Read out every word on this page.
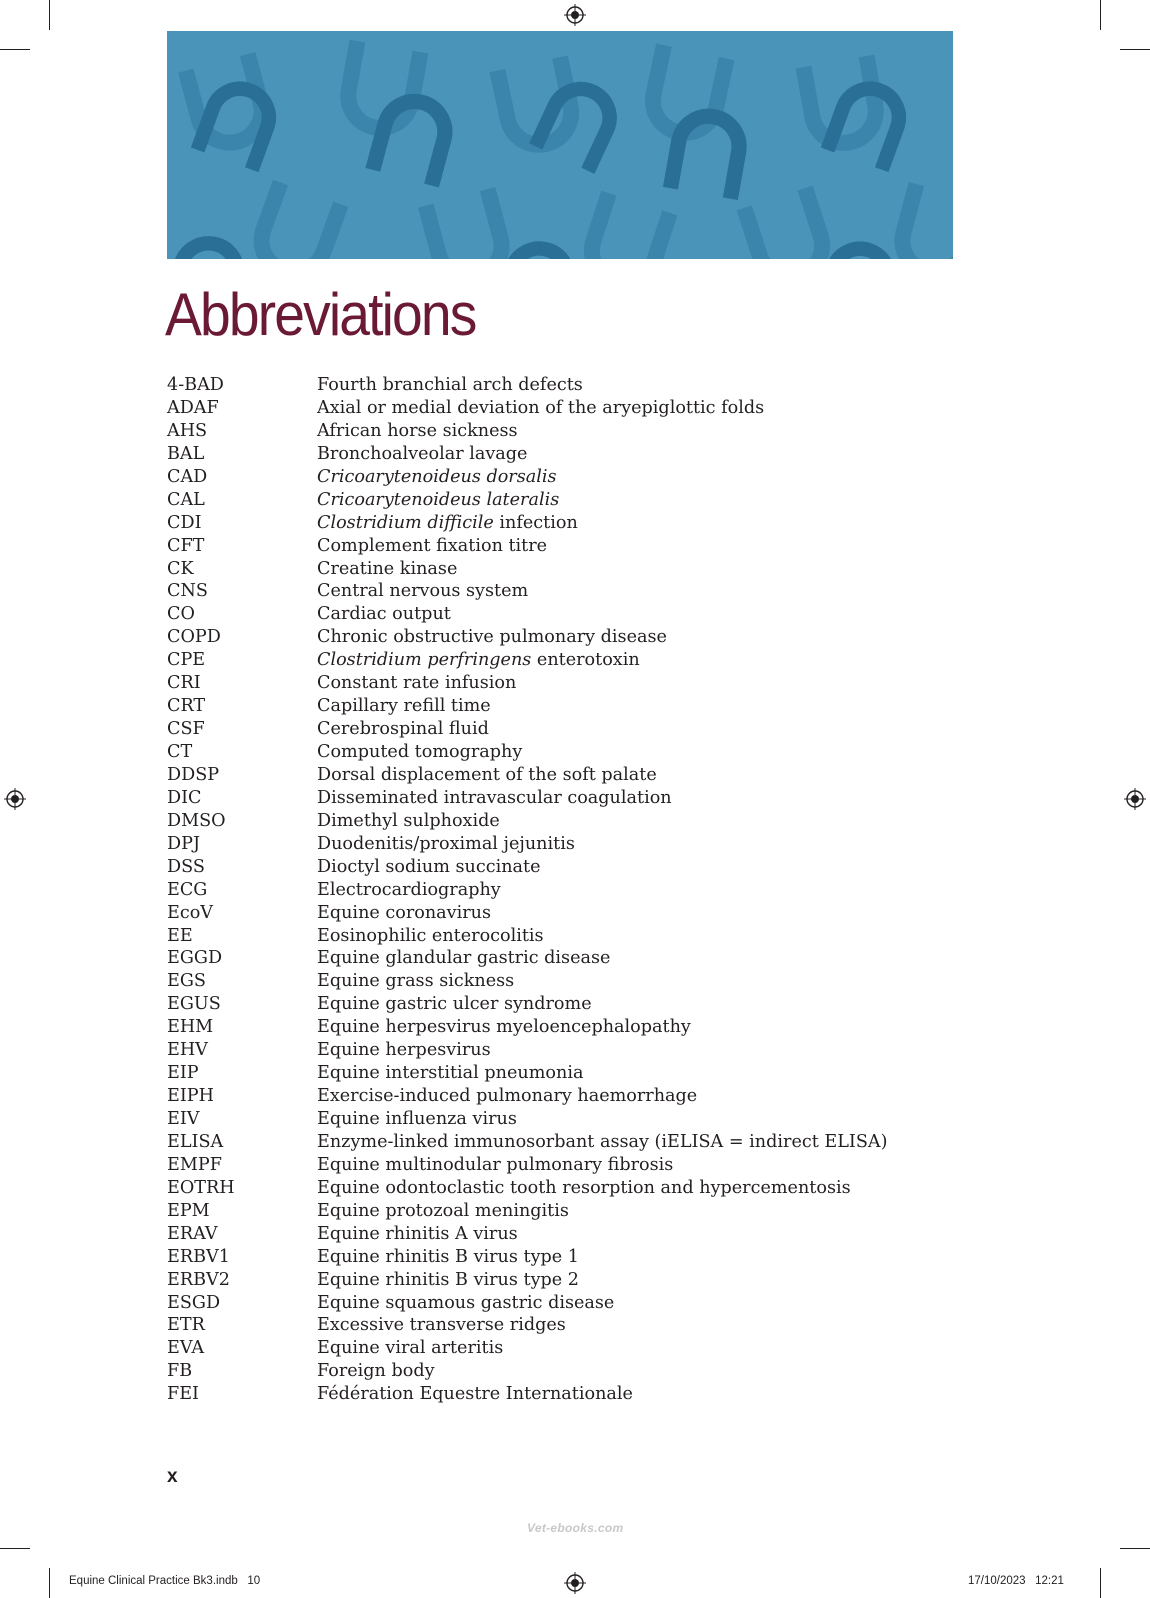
Abbreviations
4-BAD	Fourth branchial arch defects
ADAF	Axial or medial deviation of the aryepiglottic folds
AHS	African horse sickness
BAL	Bronchoalveolar lavage
CAD	Cricoarytenoideus dorsalis
CAL	Cricoarytenoideus lateralis
CDI	Clostridium difficile infection
CFT	Complement fixation titre
CK	Creatine kinase
CNS	Central nervous system
CO	Cardiac output
COPD	Chronic obstructive pulmonary disease
CPE	Clostridium perfringens enterotoxin
CRI	Constant rate infusion
CRT	Capillary refill time
CSF	Cerebrospinal fluid
CT	Computed tomography
DDSP	Dorsal displacement of the soft palate
DIC	Disseminated intravascular coagulation
DMSO	Dimethyl sulphoxide
DPJ	Duodenitis/proximal jejunitis
DSS	Dioctyl sodium succinate
ECG	Electrocardiography
EcoV	Equine coronavirus
EE	Eosinophilic enterocolitis
EGGD	Equine glandular gastric disease
EGS	Equine grass sickness
EGUS	Equine gastric ulcer syndrome
EHM	Equine herpesvirus myeloencephalopathy
EHV	Equine herpesvirus
EIP	Equine interstitial pneumonia
EIPH	Exercise-induced pulmonary haemorrhage
EIV	Equine influenza virus
ELISA	Enzyme-linked immunosorbant assay (iELISA = indirect ELISA)
EMPF	Equine multinodular pulmonary fibrosis
EOTRH	Equine odontoclastic tooth resorption and hypercementosis
EPM	Equine protozoal meningitis
ERAV	Equine rhinitis A virus
ERBV1	Equine rhinitis B virus type 1
ERBV2	Equine rhinitis B virus type 2
ESGD	Equine squamous gastric disease
ETR	Excessive transverse ridges
EVA	Equine viral arteritis
FB	Foreign body
FEI	Fédération Equestre Internationale
x
Vet-ebooks.com
Equine Clinical Practice Bk3.indb   10	17/10/2023   12:21
